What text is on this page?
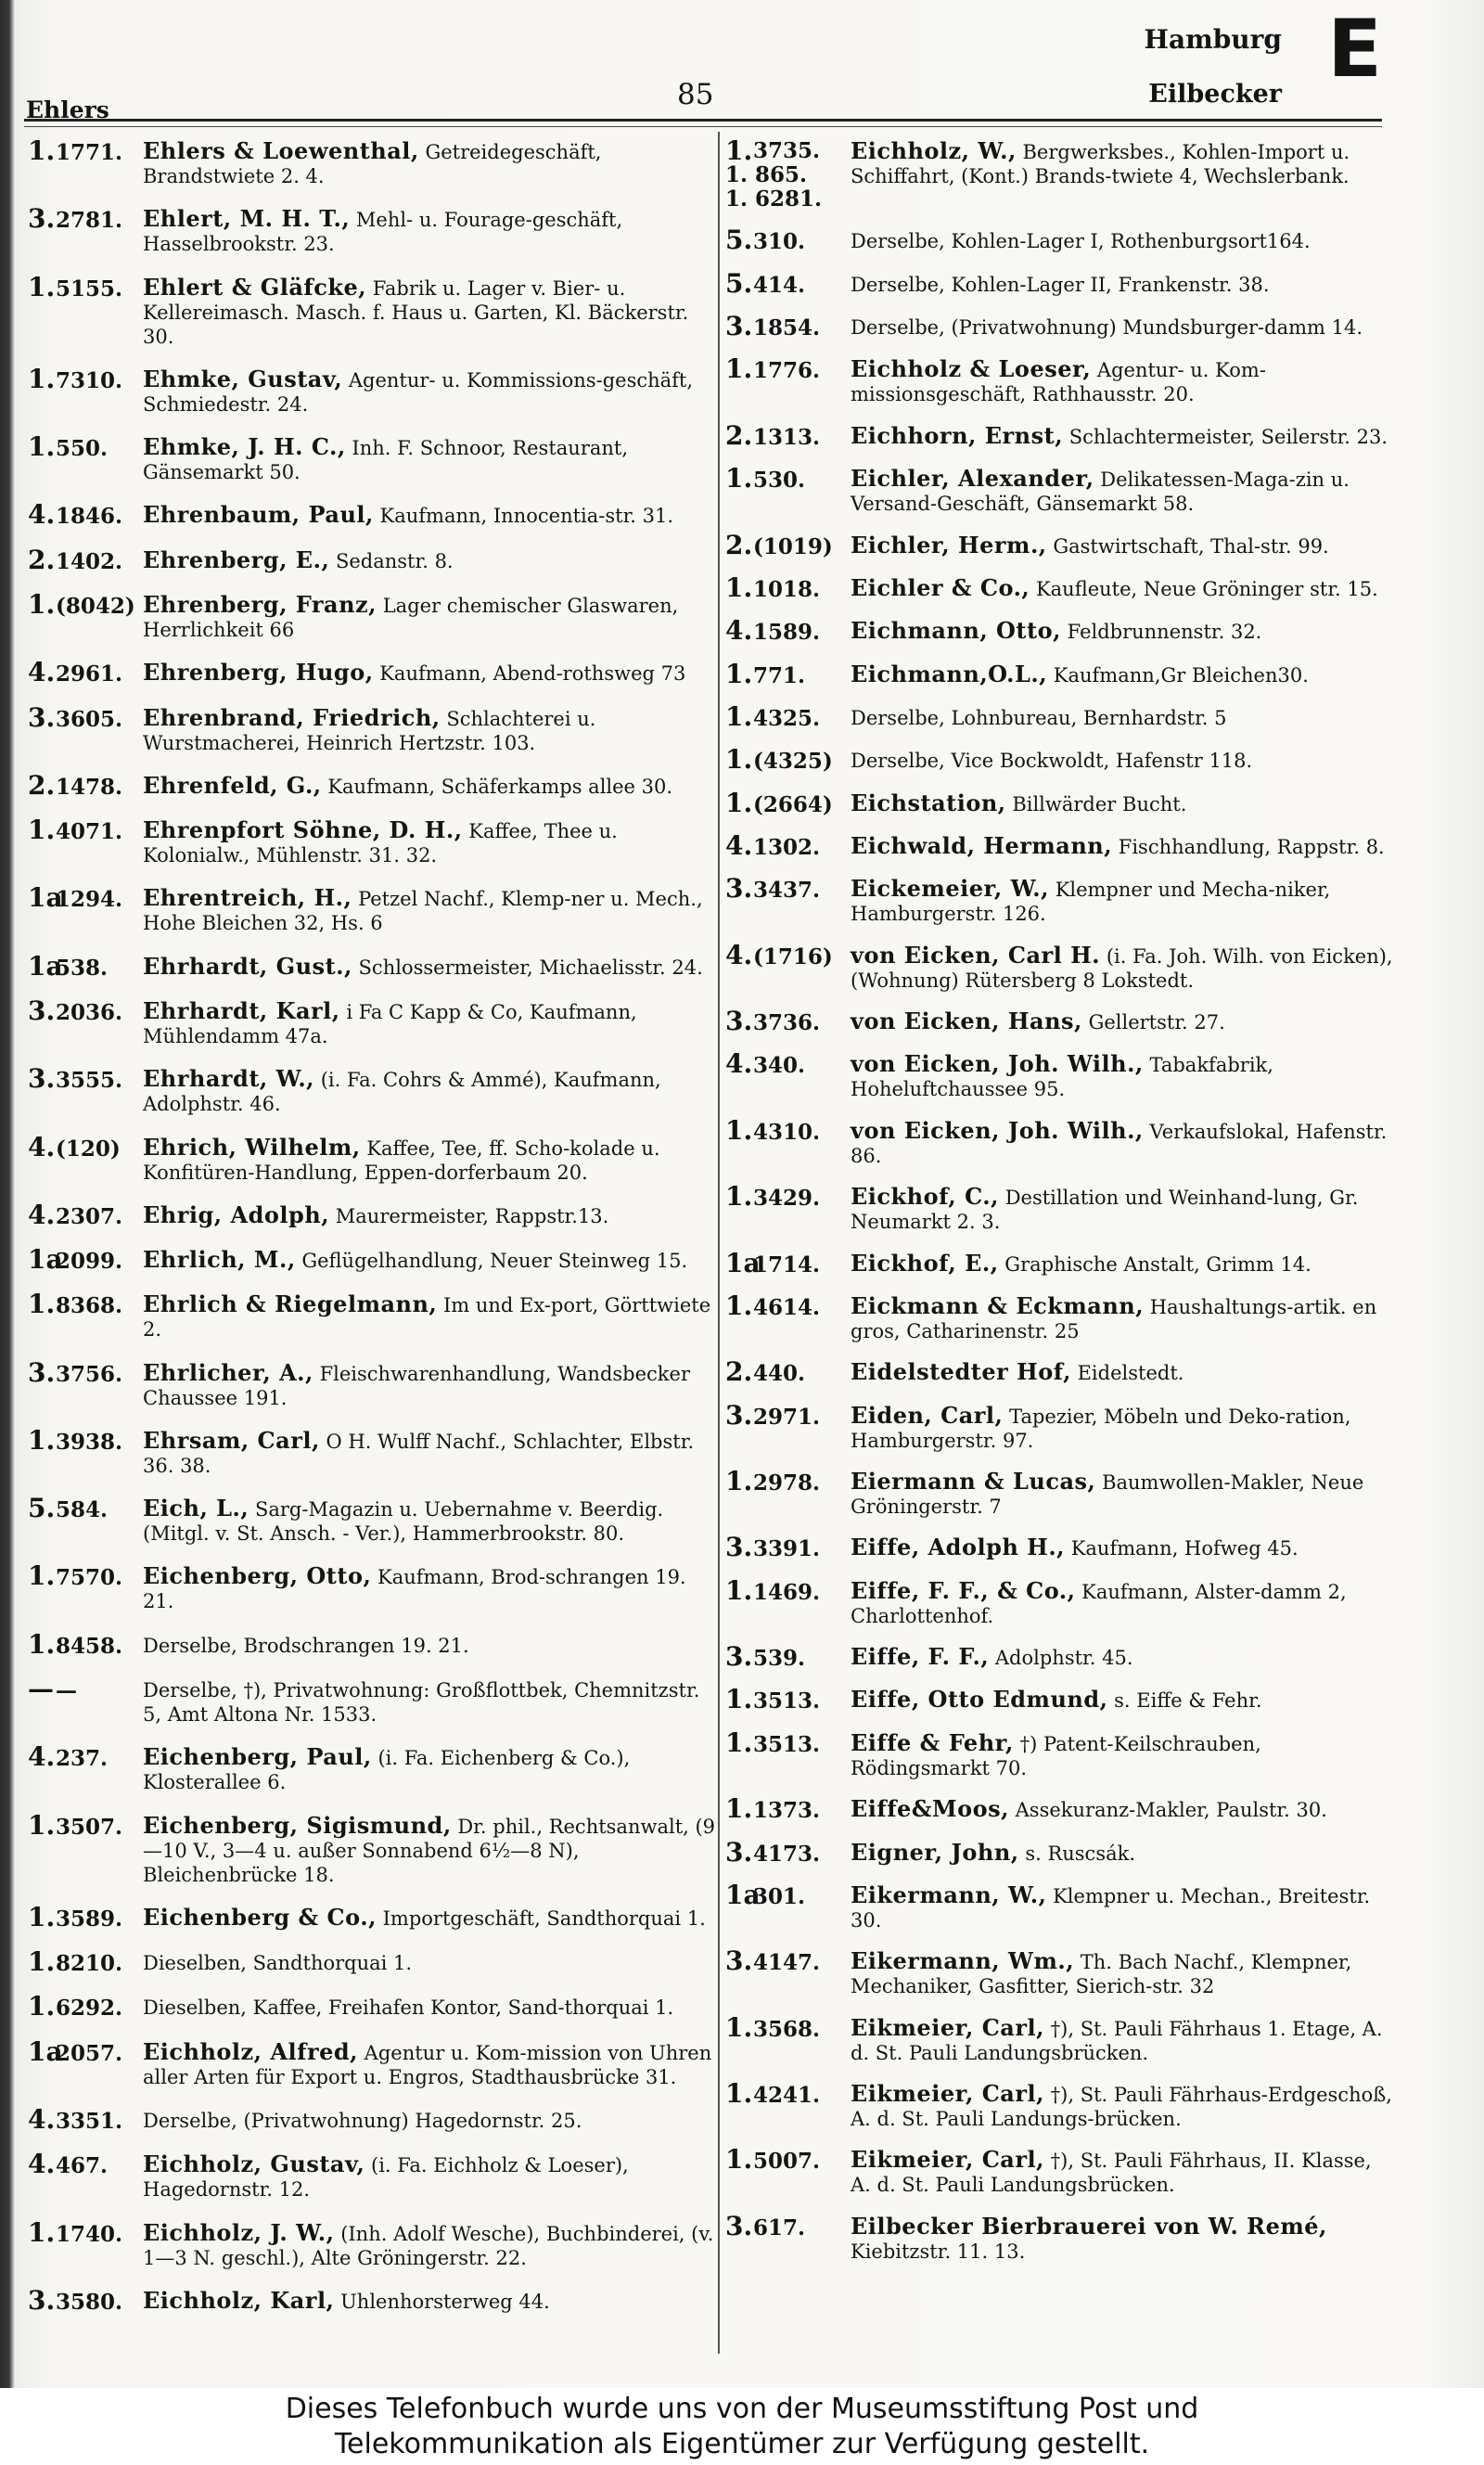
Ehlers	85
Hamburg
Eilbecker E
1. 1771. Ehlers & Loewenthal, Getreidegeschäft, Brandstwiete 2. 4.
3. 2781. Ehlert, M. H. T., Mehl- u. Fourage-geschäft, Hasselbrookstr. 23.
1. 5155. Ehlert & Gläfcke, Fabrik u. Lager v. Bier- u. Kellereimasch. Masch. f. Haus u. Garten, Kl. Bäckerstr. 30.
1. 7310. Ehmke, Gustav, Agentur- u. Kommissions-geschäft, Schmiedestr. 24.
1. 550. Ehmke, J. H. C., Inh. F. Schnoor, Restaurant, Gänsemarkt 50.
4. 1846. Ehrenbaum, Paul, Kaufmann, Innocentia-str. 31.
2. 1402. Ehrenberg, E., Sedanstr. 8.
1. (8042) Ehrenberg, Franz, Lager chemischer Glaswaren, Herrlichkeit 66
4. 2961. Ehrenberg, Hugo, Kaufmann, Abend-rothsweg 73
3. 3605. Ehrenbrand, Friedrich, Schlachterei u. Wurstmacherei, Heinrich Hertzstr. 103.
2. 1478. Ehrenfeld, G., Kaufmann, Schäferkamps allee 30.
1. 4071. Ehrenpfort Söhne, D. H., Kaffee, Thee u. Kolonialw., Mühlenstr. 31. 32.
1a
1294. Ehrentreich, H., Petzel Nachf., Klemp-ner u. Mech., Hohe Bleichen 32, Hs. 6
1a
538. Ehrhardt, Gust., Schlossermeister, Michaelisstr. 24.
3. 2036. Ehrhardt, Karl, i Fa C Kapp & Co, Kaufmann, Mühlendamm 47a.
3. 3555. Ehrhardt, W., (i. Fa. Cohrs & Ammé), Kaufmann, Adolphstr. 46.
4. (120) Ehrich, Wilhelm, Kaffee, Tee, ff. Scho-kolade u. Konfitüren-Handlung, Eppen-dorferbaum 20.
4. 2307. Ehrig, Adolph, Maurermeister, Rappstr.13.
1a
2099. Ehrlich, M., Geflügelhandlung, Neuer Steinweg 15.
1. 8368. Ehrlich & Riegelmann, Im und Ex-port, Görttwiete 2.
3. 3756. Ehrlicher, A., Fleischwarenhandlung, Wandsbecker Chaussee 191.
1. 3938. Ehrsam, Carl, O H. Wulff Nachf., Schlachter, Elbstr. 36. 38.
5. 584. Eich, L., Sarg-Magazin u. Uebernahme v. Beerdig. (Mitgl. v. St. Ansch. - Ver.), Hammerbrookstr. 80.
1. 7570. Eichenberg, Otto, Kaufmann, Brod-schrangen 19. 21.
1. 8458. Derselbe, Brodschrangen 19. 21.
— —	Derselbe, †), Privatwohnung: Großflottbek, Chemnitzstr. 5, Amt Altona Nr. 1533.
4. 237. Eichenberg, Paul, (i. Fa. Eichenberg & Co.), Klosterallee 6.
1. 3507. Eichenberg, Sigismund, Dr. phil., Rechtsanwalt, (9—10 V., 3—4 u. außer Sonnabend 6½—8 N), Bleichenbrücke 18.
1. 3589. Eichenberg & Co., Importgeschäft, Sandthorquai 1.
1. 8210. Dieselben, Sandthorquai 1.
1. 6292. Dieselben, Kaffee, Freihafen Kontor, Sand-thorquai 1.
1a
2057. Eichholz, Alfred, Agentur u. Kom-mission von Uhren aller Arten für Export u. Engros, Stadthausbrücke 31.
4. 3351. Derselbe, (Privatwohnung) Hagedornstr. 25.
4. 467. Eichholz, Gustav, (i. Fa. Eichholz & Loeser), Hagedornstr. 12.
1. 1740. Eichholz, J. W., (Inh. Adolf Wesche), Buchbinderei, (v. 1—3 N. geschl.), Alte Gröningerstr. 22.
3. 3580. Eichholz, Karl, Uhlenhorsterweg 44.
1. 3735.
1. 865.
1. 6281.
Eichholz, W., Bergwerksbes., Kohlen-Import u. Schiffahrt, (Kont.) Brands-twiete 4, Wechslerbank.
5. 310. Derselbe, Kohlen-Lager I, Rothenburgsort164.
5. 414. Derselbe, Kohlen-Lager II, Frankenstr. 38.
3. 1854. Derselbe, (Privatwohnung) Mundsburger-damm 14.
1. 1776. Eichholz & Loeser, Agentur- u. Kom-missionsgeschäft, Rathhausstr. 20.
2. 1313. Eichhorn, Ernst, Schlachtermeister, Seilerstr. 23.
1. 530. Eichler, Alexander, Delikatessen-Maga-zin u. Versand-Geschäft, Gänsemarkt 58.
2. (1019) Eichler, Herm., Gastwirtschaft, Thal-str. 99.
1. 1018. Eichler & Co., Kaufleute, Neue Gröninger str. 15.
4. 1589. Eichmann, Otto, Feldbrunnenstr. 32.
1. 771. Eichmann,O.L., Kaufmann,Gr Bleichen30.
1. 4325. Derselbe, Lohnbureau, Bernhardstr. 5
1. (4325) Derselbe, Vice Bockwoldt, Hafenstr 118.
1. (2664) Eichstation, Billwärder Bucht.
4. 1302. Eichwald, Hermann, Fischhandlung, Rappstr. 8.
3. 3437. Eickemeier, W., Klempner und Mecha-niker, Hamburgerstr. 126.
4. (1716) von Eicken, Carl H. (i. Fa. Joh. Wilh. von Eicken), (Wohnung) Rütersberg 8 Lokstedt.
3. 3736. von Eicken, Hans, Gellertstr. 27.
4. 340. von Eicken, Joh. Wilh., Tabakfabrik, Hoheluftchaussee 95.
1. 4310. von Eicken, Joh. Wilh., Verkaufslokal, Hafenstr. 86.
1. 3429. Eickhof, C., Destillation und Weinhand-lung, Gr. Neumarkt 2. 3.
1a
1714. Eickhof, E., Graphische Anstalt, Grimm 14.
1. 4614. Eickmann & Eckmann, Haushaltungs-artik. en gros, Catharinenstr. 25
2. 440. Eidelstedter Hof, Eidelstedt.
3. 2971. Eiden, Carl, Tapezier, Möbeln und Deko-ration, Hamburgerstr. 97.
1. 2978. Eiermann & Lucas, Baumwollen-Makler, Neue Gröningerstr. 7
3. 3391. Eiffe, Adolph H., Kaufmann, Hofweg 45.
1. 1469. Eiffe, F. F., & Co., Kaufmann, Alster-damm 2, Charlottenhof.
3. 539. Eiffe, F. F., Adolphstr. 45.
1. 3513. Eiffe, Otto Edmund, s. Eiffe & Fehr.
1. 3513. Eiffe & Fehr, †) Patent-Keilschrauben, Rödingsmarkt 70.
1. 1373. Eiffe&Moos, Assekuranz-Makler, Paulstr. 30.
3. 4173. Eigner, John, s. Ruscsák.
1a
301. Eikermann, W., Klempner u. Mechan., Breitestr. 30.
3. 4147. Eikermann, Wm., Th. Bach Nachf., Klempner, Mechaniker, Gasfitter, Sierich-str. 32
1. 3568. Eikmeier, Carl, †), St. Pauli Fährhaus 1. Etage, A. d. St. Pauli Landungsbrücken.
1. 4241. Eikmeier, Carl, †), St. Pauli Fährhaus-Erdgeschoß, A. d. St. Pauli Landungs-brücken.
1. 5007. Eikmeier, Carl, †), St. Pauli Fährhaus, II. Klasse, A. d. St. Pauli Landungsbrücken.
3. 617. Eilbecker Bierbrauerei von W. Remé, Kiebitzstr. 11. 13.
Dieses Telefonbuch wurde uns von der Museumsstiftung Post und
Telekommunikation als Eigentümer zur Verfügung gestellt.
